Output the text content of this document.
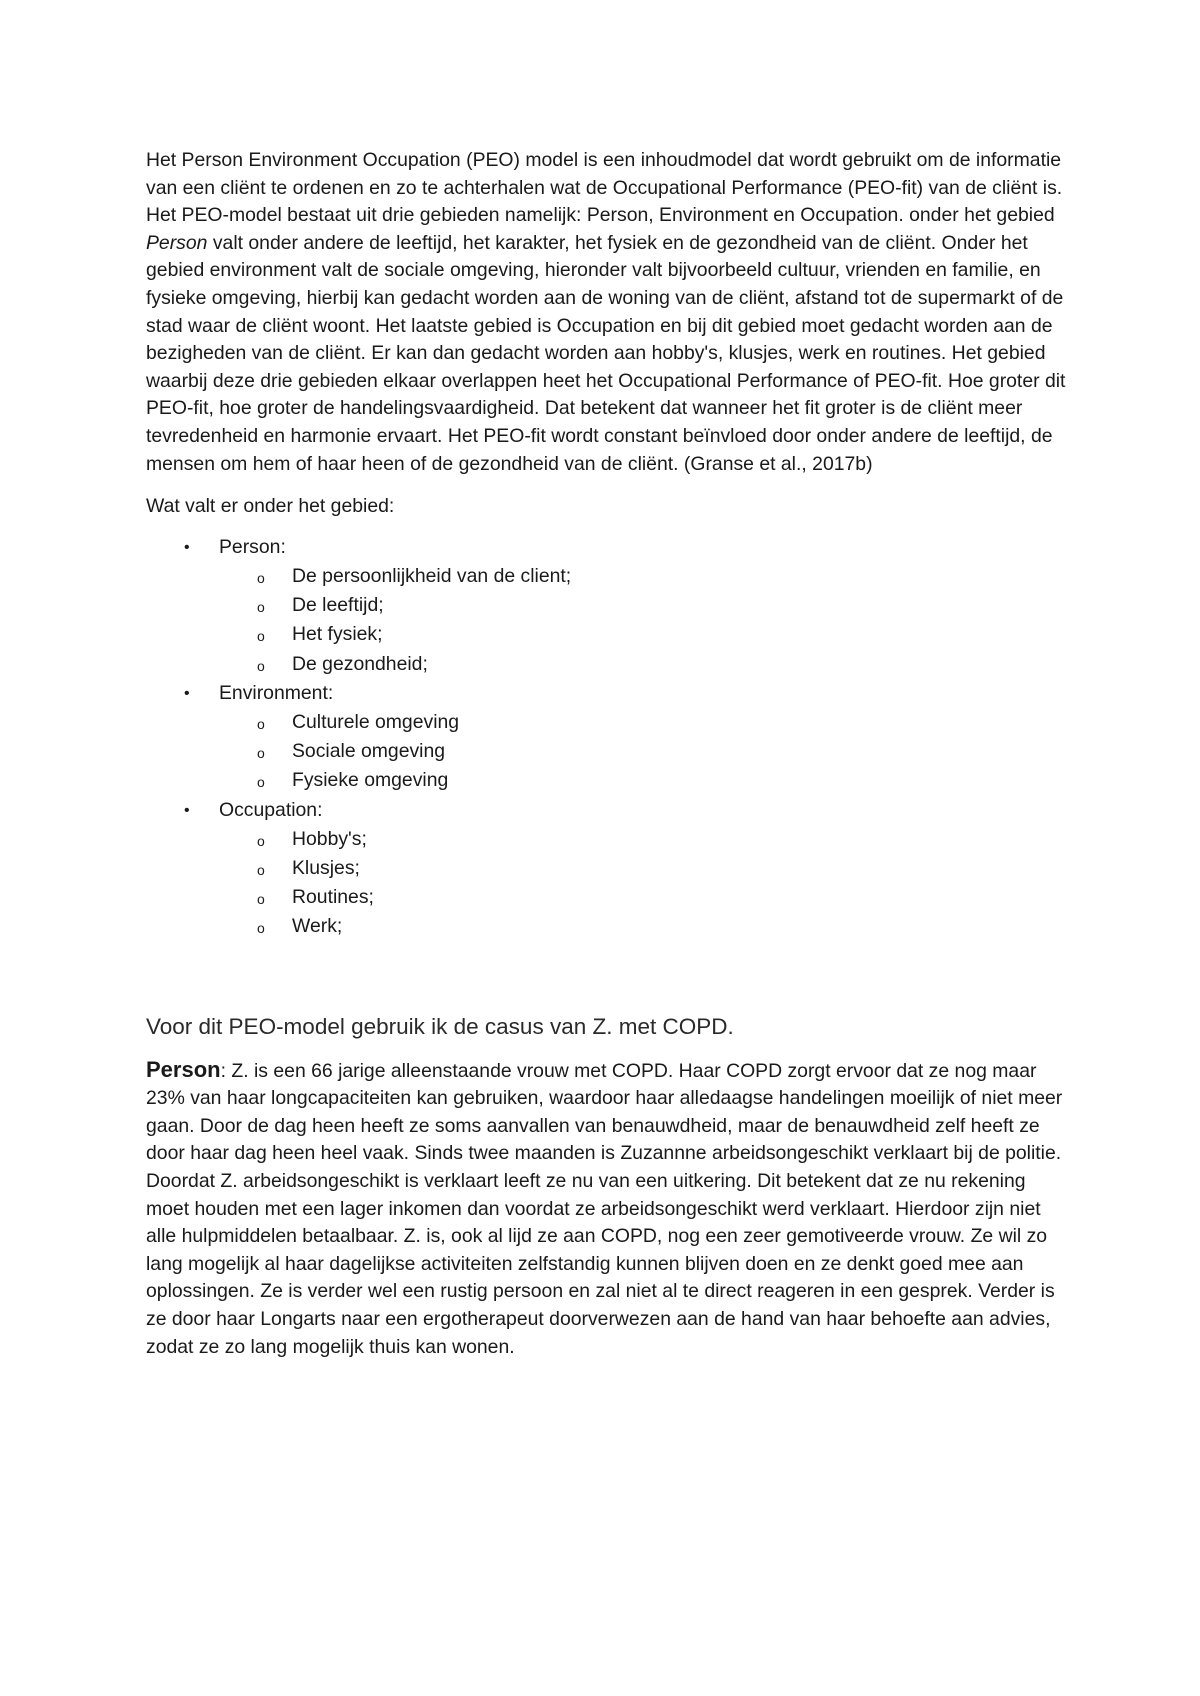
Het Person Environment Occupation (PEO) model is een inhoudmodel dat wordt gebruikt om de informatie van een cliënt te ordenen en zo te achterhalen wat de Occupational Performance (PEO-fit) van de cliënt is. Het PEO-model bestaat uit drie gebieden namelijk: Person, Environment en Occupation. onder het gebied Person valt onder andere de leeftijd, het karakter, het fysiek en de gezondheid van de cliënt. Onder het gebied environment valt de sociale omgeving, hieronder valt bijvoorbeeld cultuur, vrienden en familie, en fysieke omgeving, hierbij kan gedacht worden aan de woning van de cliënt, afstand tot de supermarkt of de stad waar de cliënt woont. Het laatste gebied is Occupation en bij dit gebied moet gedacht worden aan de bezigheden van de cliënt. Er kan dan gedacht worden aan hobby's, klusjes, werk en routines. Het gebied waarbij deze drie gebieden elkaar overlappen heet het Occupational Performance of PEO-fit. Hoe groter dit PEO-fit, hoe groter de handelingsvaardigheid. Dat betekent dat wanneer het fit groter is de cliënt meer tevredenheid en harmonie ervaart. Het PEO-fit wordt constant beïnvloed door onder andere de leeftijd, de mensen om hem of haar heen of de gezondheid van de cliënt. (Granse et al., 2017b)

Wat valt er onder het gebied:

• Person:
o De persoonlijkheid van de client;
o De leeftijd;
o Het fysiek;
o De gezondheid;
• Environment:
o Culturele omgeving
o Sociale omgeving
o Fysieke omgeving
• Occupation:
o Hobby's;
o Klusjes;
o Routines;
o Werk;

Voor dit PEO-model gebruik ik de casus van Z. met COPD.

Person: Z. is een 66 jarige alleenstaande vrouw met COPD. Haar COPD zorgt ervoor dat ze nog maar 23% van haar longcapaciteiten kan gebruiken, waardoor haar alledaagse handelingen moeilijk of niet meer gaan. Door de dag heen heeft ze soms aanvallen van benauwdheid, maar de benauwdheid zelf heeft ze door haar dag heen heel vaak. Sinds twee maanden is Zuzannne arbeidsongeschikt verklaart bij de politie. Doordat Z. arbeidsongeschikt is verklaart leeft ze nu van een uitkering. Dit betekent dat ze nu rekening moet houden met een lager inkomen dan voordat ze arbeidsongeschikt werd verklaart. Hierdoor zijn niet alle hulpmiddelen betaalbaar. Z. is, ook al lijd ze aan COPD, nog een zeer gemotiveerde vrouw. Ze wil zo lang mogelijk al haar dagelijkse activiteiten zelfstandig kunnen blijven doen en ze denkt goed mee aan oplossingen. Ze is verder wel een rustig persoon en zal niet al te direct reageren in een gesprek. Verder is ze door haar Longarts naar een ergotherapeut doorverwezen aan de hand van haar behoefte aan advies, zodat ze zo lang mogelijk thuis kan wonen.
